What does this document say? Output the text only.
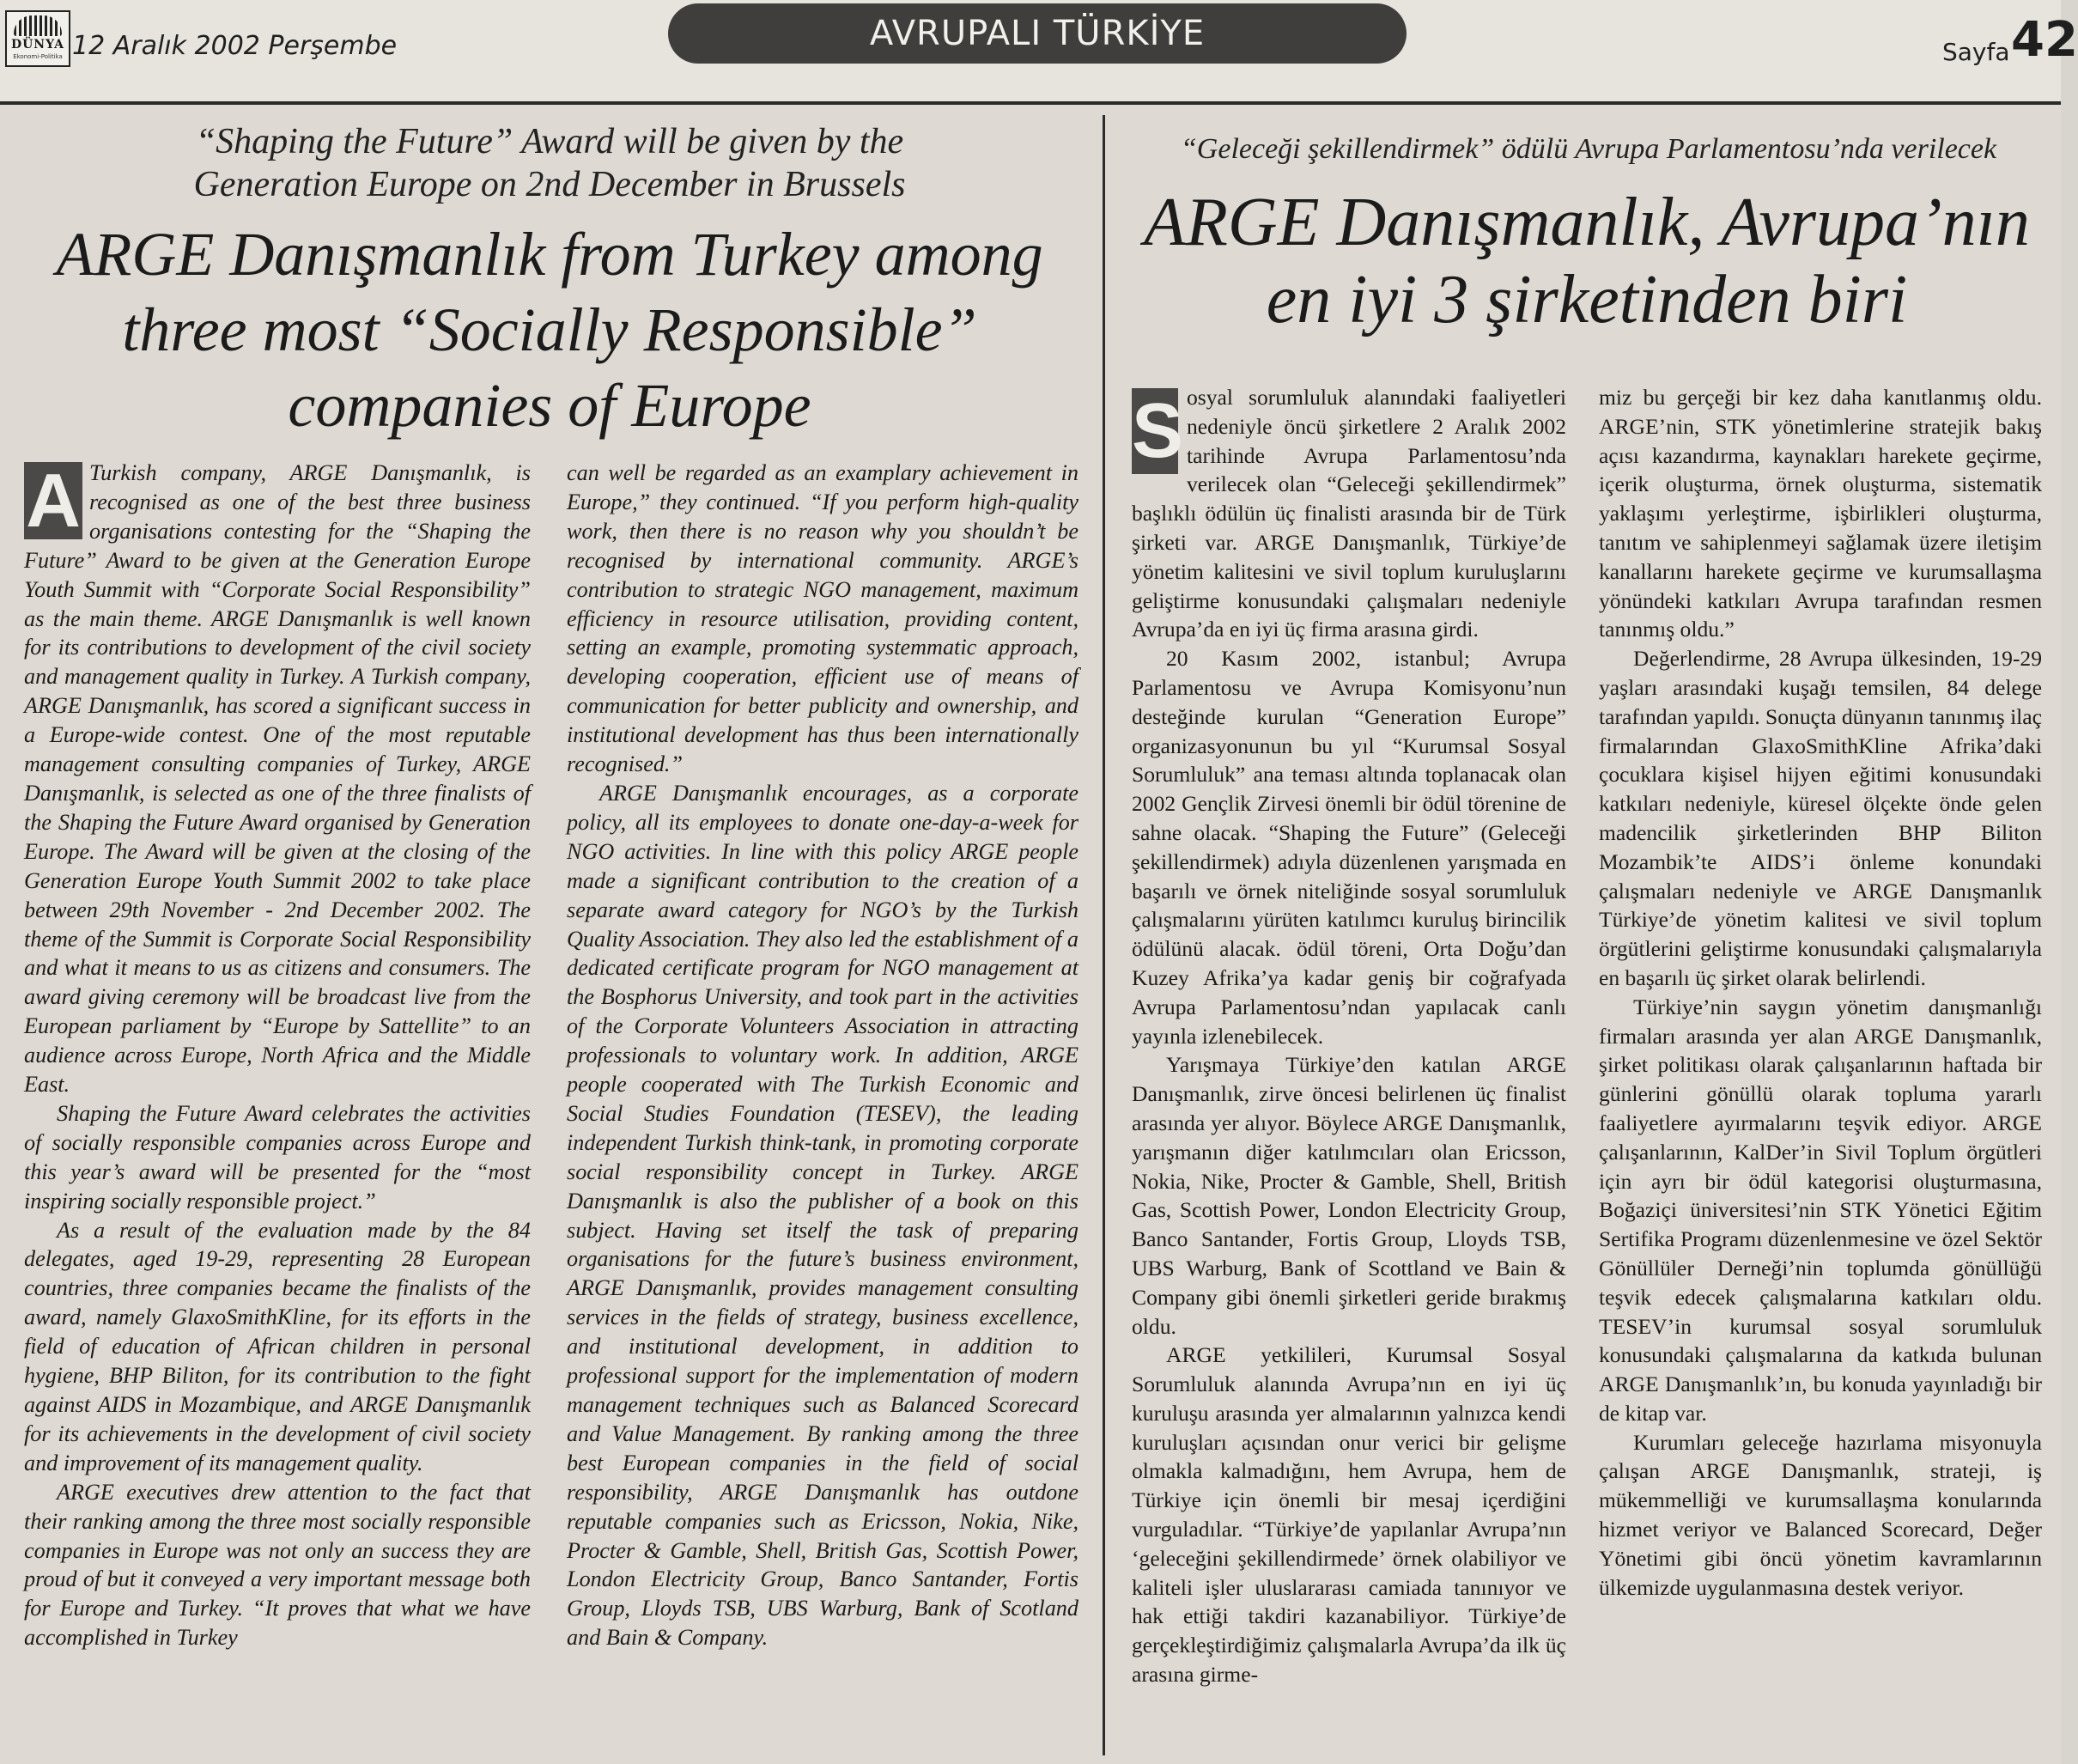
DÜNYA
Ekonomi-Politika 12 Aralık 2002 Perşembe	AVRUPALI TÜRKİYE	Sayfa 42
“Shaping the Future” Award will be given by the Generation Europe on 2nd December in Brussels
ARGE Danışmanlık from Turkey among three most “Socially Responsible” companies of Europe

A Turkish company, ARGE Danışmanlık, is recognised as one of the best three business organisations contesting for the “Shaping the Future” Award to be given at the Generation Europe Youth Summit with “Corporate Social Responsibility” as the main theme. ARGE Danışmanlık is well known for its contributions to development of the civil society and management quality in Turkey. A Turkish company, ARGE Danışmanlık, has scored a significant success in a Europe-wide contest. One of the most reputable management consulting companies of Turkey, ARGE Danışmanlık, is selected as one of the three finalists of the Shaping the Future Award organised by Generation Europe. The Award will be given at the closing of the Generation Europe Youth Summit 2002 to take place between 29th November - 2nd December 2002. The theme of the Summit is Corporate Social Responsibility and what it means to us as citizens and consumers. The award giving ceremony will be broadcast live from the European parliament by “Europe by Sattellite” to an audience across Europe, North Africa and the Middle East.

Shaping the Future Award celebrates the activities of socially responsible companies across Europe and this year’s award will be presented for the “most inspiring socially responsible project.”

As a result of the evaluation made by the 84 delegates, aged 19-29, representing 28 European countries, three companies became the finalists of the award, namely GlaxoSmithKline, for its efforts in the field of education of African children in personal hygiene, BHP Biliton, for its contribution to the fight against AIDS in Mozambique, and ARGE Danışmanlık for its achievements in the development of civil society and improvement of its management quality.

ARGE executives drew attention to the fact that their ranking among the three most socially responsible companies in Europe was not only an success they are proud of but it conveyed a very important message both for Europe and Turkey. “It proves that what we have accomplished in Turkey

can well be regarded as an examplary achievement in Europe,” they continued. “If you perform high-quality work, then there is no reason why you shouldn’t be recognised by international community. ARGE’s contribution to strategic NGO management, maximum efficiency in resource utilisation, providing content, setting an example, promoting systemmatic approach, developing cooperation, efficient use of means of communication for better publicity and ownership, and institutional development has thus been internationally recognised.”

ARGE Danışmanlık encourages, as a corporate policy, all its employees to donate one-day-a-week for NGO activities. In line with this policy ARGE people made a significant contribution to the creation of a separate award category for NGO’s by the Turkish Quality Association. They also led the establishment of a dedicated certificate program for NGO management at the Bosphorus University, and took part in the activities of the Corporate Volunteers Association in attracting professionals to voluntary work. In addition, ARGE people cooperated with The Turkish Economic and Social Studies Foundation (TESEV), the leading independent Turkish think-tank, in promoting corporate social responsibility concept in Turkey. ARGE Danışmanlık is also the publisher of a book on this subject. Having set itself the task of preparing organisations for the future’s business environment, ARGE Danışmanlık, provides management consulting services in the fields of strategy, business excellence, and institutional development, in addition to professional support for the implementation of modern management techniques such as Balanced Scorecard and Value Management. By ranking among the three best European companies in the field of social responsibility, ARGE Danışmanlık has outdone reputable companies such as Ericsson, Nokia, Nike, Procter & Gamble, Shell, British Gas, Scottish Power, London Electricity Group, Banco Santander, Fortis Group, Lloyds TSB, UBS Warburg, Bank of Scotland and Bain & Company.

“Geleceği şekillendirmek” ödülü Avrupa Parlamentosu’nda verilecek
ARGE Danışmanlık, Avrupa’nın en iyi 3 şirketinden biri

S osyal sorumluluk alanındaki faaliyetleri nedeniyle öncü şirketlere 2 Aralık 2002 tarihinde Avrupa Parlamentosu’nda verilecek olan “Geleceği şekillendirmek” başlıklı ödülün üç finalisti arasında bir de Türk şirketi var. ARGE Danışmanlık, Türkiye’de yönetim kalitesini ve sivil toplum kuruluşlarını geliştirme konusundaki çalışmaları nedeniyle Avrupa’da en iyi üç firma arasına girdi.

20 Kasım 2002, istanbul; Avrupa Parlamentosu ve Avrupa Komisyonu’nun desteğinde kurulan “Generation Europe” organizasyonunun bu yıl “Kurumsal Sosyal Sorumluluk” ana teması altında toplanacak olan 2002 Gençlik Zirvesi önemli bir ödül törenine de sahne olacak. “Shaping the Future” (Geleceği şekillendirmek) adıyla düzenlenen yarışmada en başarılı ve örnek niteliğinde sosyal sorumluluk çalışmalarını yürüten katılımcı kuruluş birincilik ödülünü alacak. ödül töreni, Orta Doğu’dan Kuzey Afrika’ya kadar geniş bir coğrafyada Avrupa Parlamentosu’ndan yapılacak canlı yayınla izlenebilecek.

Yarışmaya Türkiye’den katılan ARGE Danışmanlık, zirve öncesi belirlenen üç finalist arasında yer alıyor. Böylece ARGE Danışmanlık, yarışmanın diğer katılımcıları olan Ericsson, Nokia, Nike, Procter & Gamble, Shell, British Gas, Scottish Power, London Electricity Group, Banco Santander, Fortis Group, Lloyds TSB, UBS Warburg, Bank of Scottland ve Bain & Company gibi önemli şirketleri geride bırakmış oldu.

ARGE yetkilileri, Kurumsal Sosyal Sorumluluk alanında Avrupa’nın en iyi üç kuruluşu arasında yer almalarının yalnızca kendi kuruluşları açısından onur verici bir gelişme olmakla kalmadığını, hem Avrupa, hem de Türkiye için önemli bir mesaj içerdiğini vurguladılar. “Türkiye’de yapılanlar Avrupa’nın ‘geleceğini şekillendirmede’ örnek olabiliyor ve kaliteli işler uluslararası camiada tanınıyor ve hak ettiği takdiri kazanabiliyor. Türkiye’de gerçekleştirdiğimiz çalışmalarla Avrupa’da ilk üç arasına girme-

miz bu gerçeği bir kez daha kanıtlanmış oldu. ARGE’nin, STK yönetimlerine stratejik bakış açısı kazandırma, kaynakları harekete geçirme, içerik oluşturma, örnek oluşturma, sistematik yaklaşımı yerleştirme, işbirlikleri oluşturma, tanıtım ve sahiplenmeyi sağlamak üzere iletişim kanallarını harekete geçirme ve kurumsallaşma yönündeki katkıları Avrupa tarafından resmen tanınmış oldu.”

Değerlendirme, 28 Avrupa ülkesinden, 19-29 yaşları arasındaki kuşağı temsilen, 84 delege tarafından yapıldı. Sonuçta dünyanın tanınmış ilaç firmalarından GlaxoSmithKline Afrika’daki çocuklara kişisel hijyen eğitimi konusundaki katkıları nedeniyle, küresel ölçekte önde gelen madencilik şirketlerinden BHP Biliton Mozambik’te AIDS’i önleme konundaki çalışmaları nedeniyle ve ARGE Danışmanlık Türkiye’de yönetim kalitesi ve sivil toplum örgütlerini geliştirme konusundaki çalışmalarıyla en başarılı üç şirket olarak belirlendi.

Türkiye’nin saygın yönetim danışmanlığı firmaları arasında yer alan ARGE Danışmanlık, şirket politikası olarak çalışanlarının haftada bir günlerini gönüllü olarak topluma yararlı faaliyetlere ayırmalarını teşvik ediyor. ARGE çalışanlarının, KalDer’in Sivil Toplum örgütleri için ayrı bir ödül kategorisi oluşturmasına, Boğaziçi üniversitesi’nin STK Yönetici Eğitim Sertifika Programı düzenlenmesine ve özel Sektör Gönüllüler Derneği’nin toplumda gönüllüğü teşvik edecek çalışmalarına katkıları oldu. TESEV’in kurumsal sosyal sorumluluk konusundaki çalışmalarına da katkıda bulunan ARGE Danışmanlık’ın, bu konuda yayınladığı bir de kitap var.

Kurumları geleceğe hazırlama misyonuyla çalışan ARGE Danışmanlık, strateji, iş mükemmelliği ve kurumsallaşma konularında hizmet veriyor ve Balanced Scorecard, Değer Yönetimi gibi öncü yönetim kavramlarının ülkemizde uygulanmasına destek veriyor.
